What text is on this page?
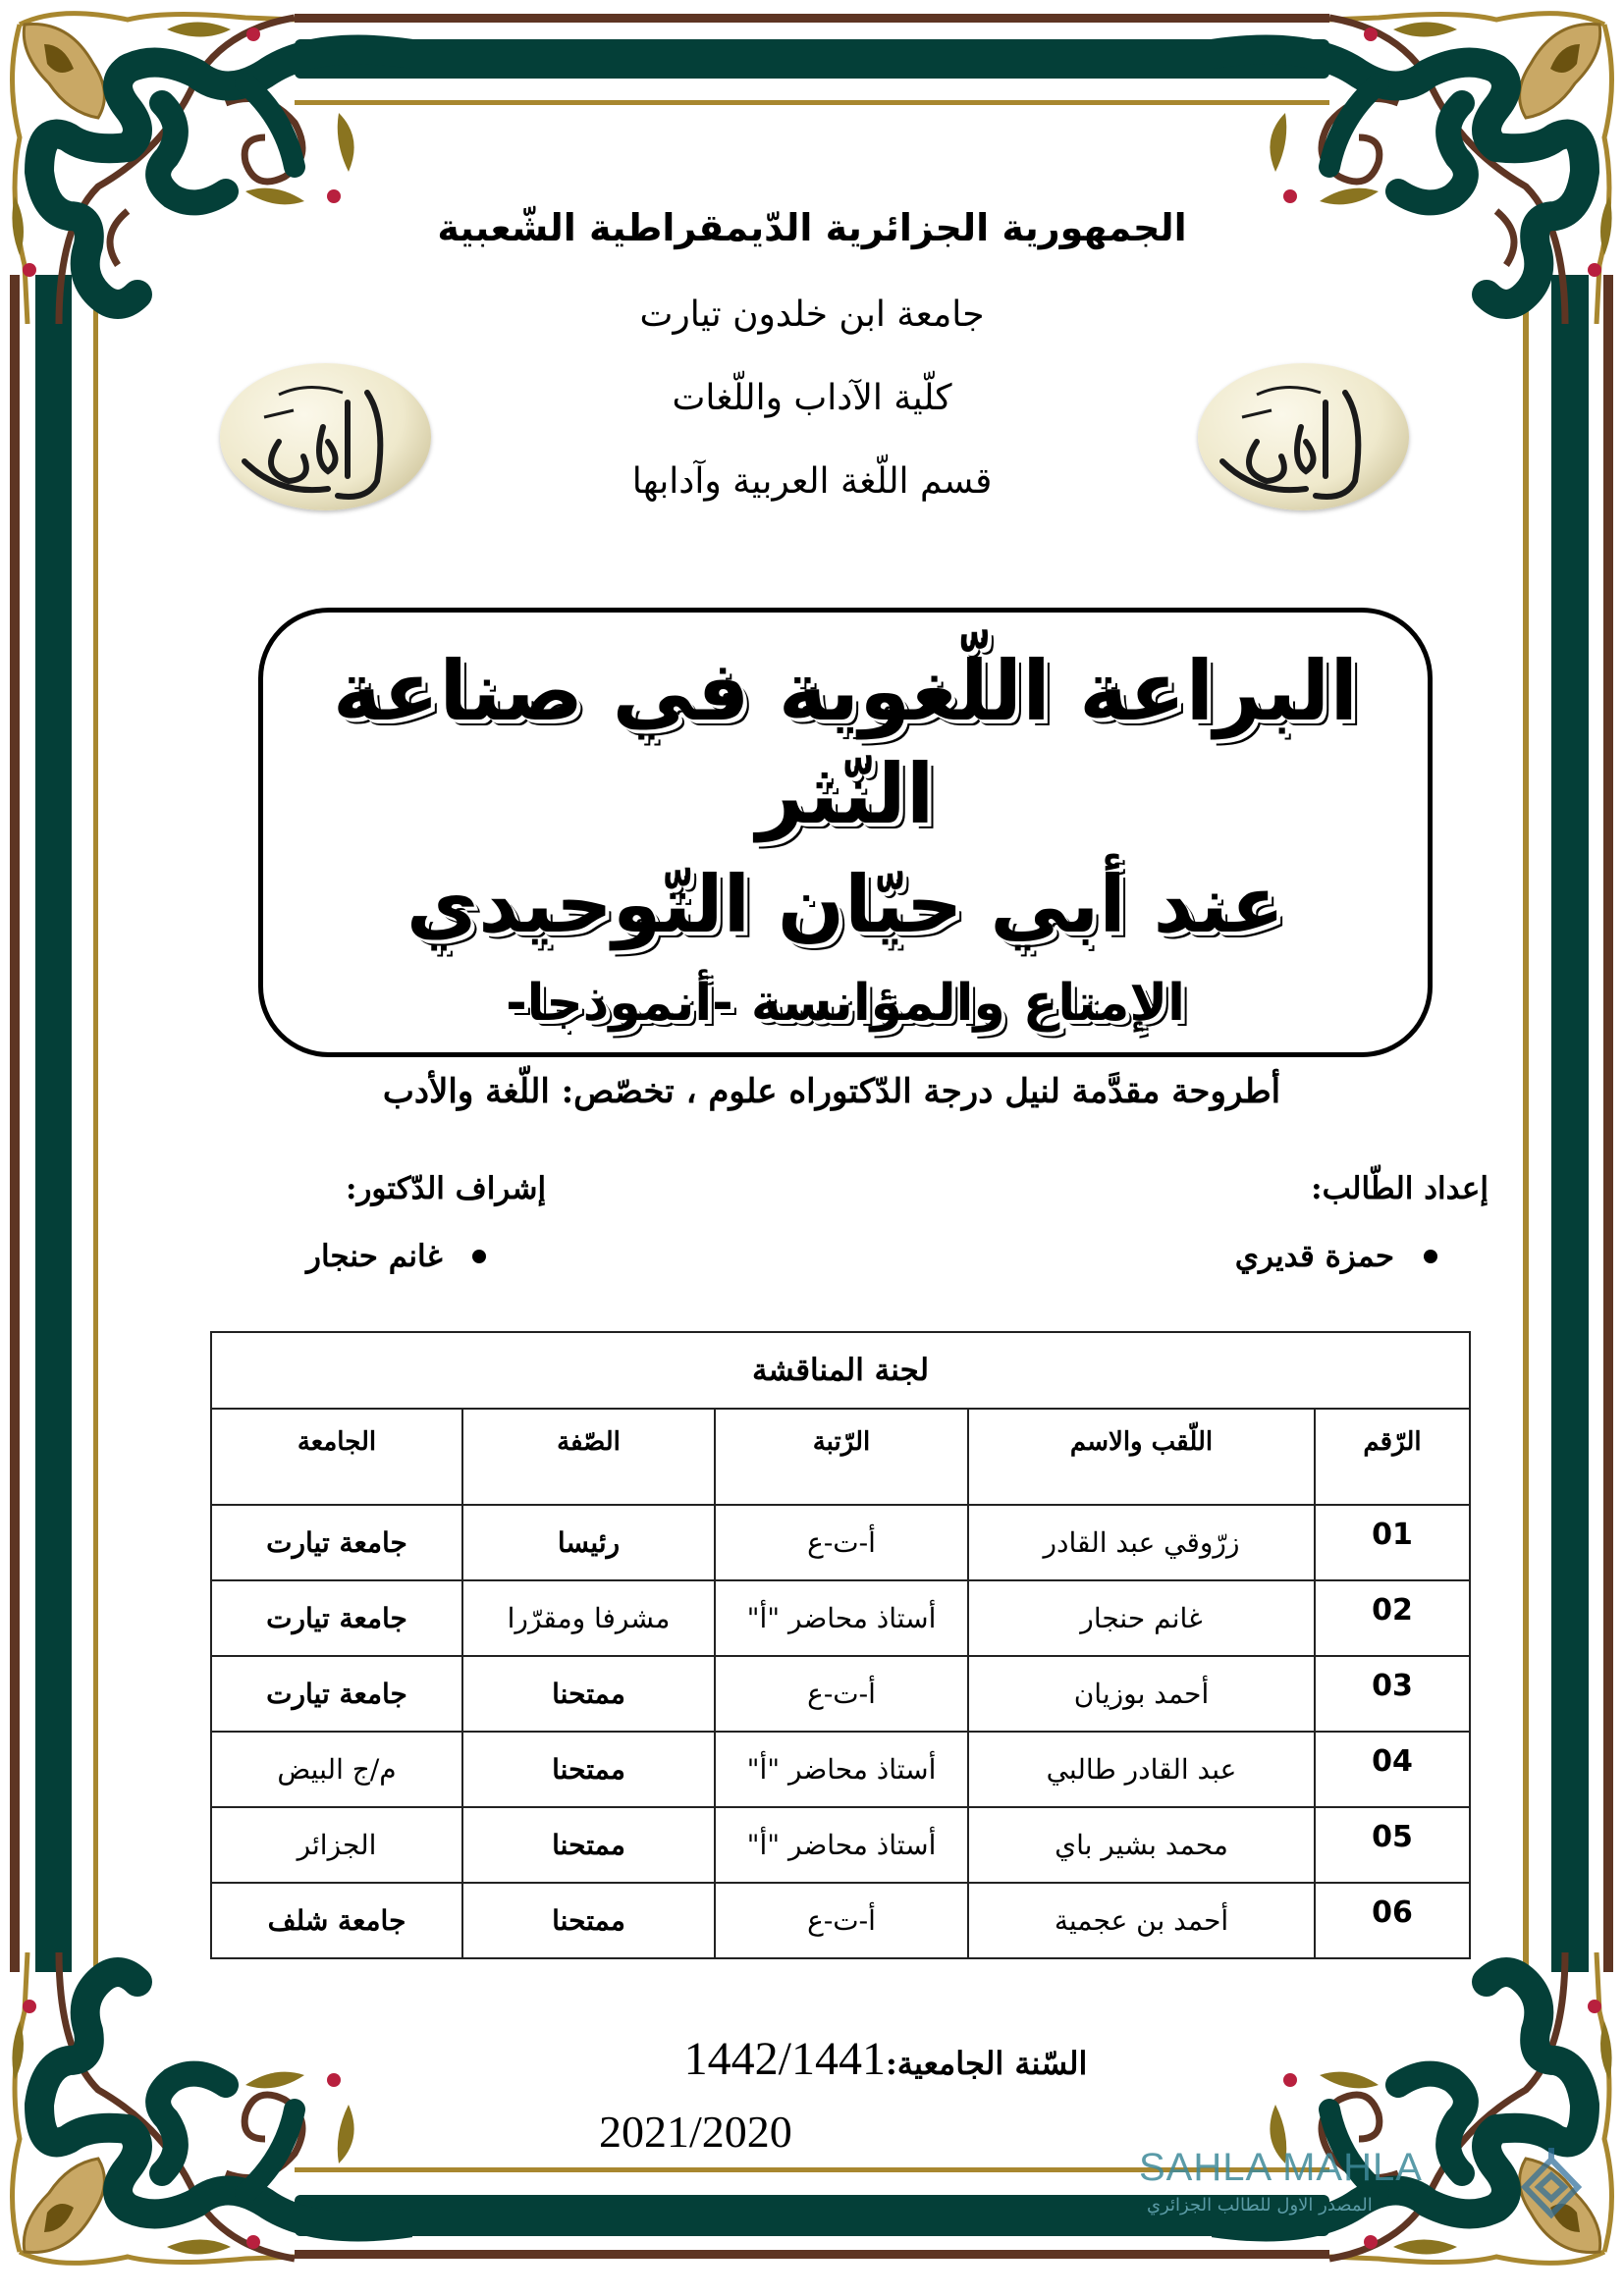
الجمهورية الجزائرية الدّيمقراطية الشّعبية
جامعة ابن خلدون تيارت
كلّية الآداب واللّغات
قسم اللّغة العربية وآدابها
البراعة اللّغوية في صناعة النّثر
عند أبي حيّان التّوحيدي
الإمتاع والمؤانسة -أنموذجا-
أطروحة مقدَّمة لنيل درجة الدّكتوراه علوم ، تخصّص: اللّغة والأدب
إعداد الطّالب:
إشراف الدّكتور:
حمزة قديري
غانم حنجار
لجنة المناقشة				
الرّقم	اللّقب والاسم	الرّتبة	الصّفة	الجامعة
01	زرّوقي عبد القادر	أ-ت-ع	رئيسا	جامعة تيارت
02	غانم حنجار	أستاذ محاضر "أ"	مشرفا ومقرّرا	جامعة تيارت
03	أحمد بوزيان	أ-ت-ع	ممتحنا	جامعة تيارت
04	عبد القادر طالبي	أستاذ محاضر "أ"	ممتحنا	م/ج البيض
05	محمد بشير باي	أستاذ محاضر "أ"	ممتحنا	الجزائر
06	أحمد بن عجمية	أ-ت-ع	ممتحنا	جامعة شلف
السّنة الجامعية:
1442/1441
2021/2020
SAHLA MAHLA
المصدر الاول للطالب الجزائري
